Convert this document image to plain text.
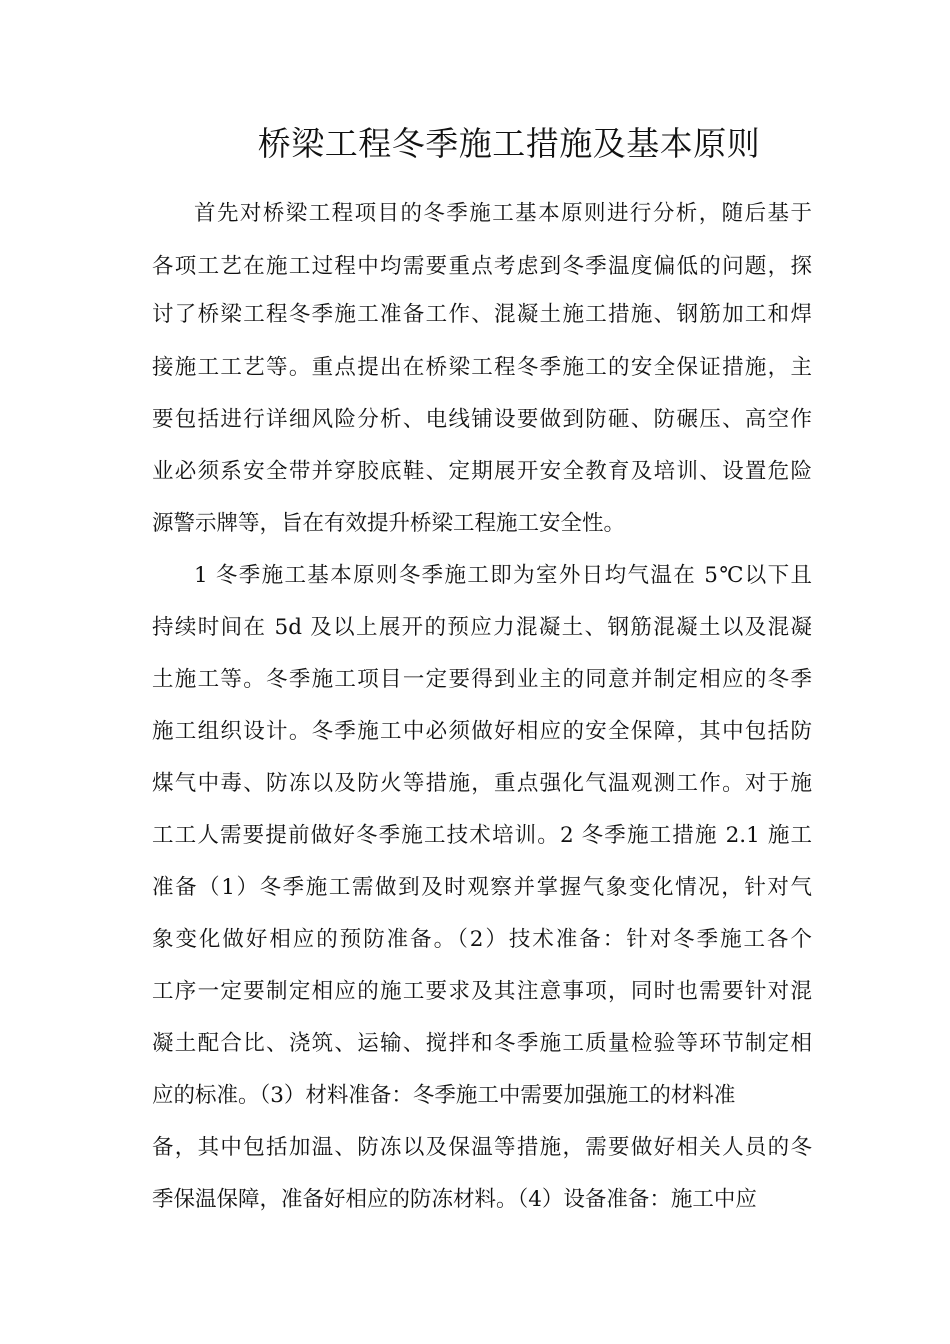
桥梁工程冬季施工措施及基本原则

首先对桥梁工程项目的冬季施工基本原则进行分析，随后基于

各项工艺在施工过程中均需要重点考虑到冬季温度偏低的问题，探

讨了桥梁工程冬季施工准备工作、混凝土施工措施、钢筋加工和焊

接施工工艺等。重点提出在桥梁工程冬季施工的安全保证措施，主

要包括进行详细风险分析、电线铺设要做到防砸、防碾压、高空作

业必须系安全带并穿胶底鞋、定期展开安全教育及培训、设置危险

源警示牌等，旨在有效提升桥梁工程施工安全性。

1 冬季施工基本原则冬季施工即为室外日均气温在 5℃以下且

持续时间在 5d 及以上展开的预应力混凝土、钢筋混凝土以及混凝

土施工等。冬季施工项目一定要得到业主的同意并制定相应的冬季

施工组织设计。冬季施工中必须做好相应的安全保障，其中包括防

煤气中毒、防冻以及防火等措施，重点强化气温观测工作。对于施

工工人需要提前做好冬季施工技术培训。2 冬季施工措施 2.1 施工

准备（1）冬季施工需做到及时观察并掌握气象变化情况，针对气

象变化做好相应的预防准备。（2）技术准备：针对冬季施工各个

工序一定要制定相应的施工要求及其注意事项，同时也需要针对混

凝土配合比、浇筑、运输、搅拌和冬季施工质量检验等环节制定相

应的标准。（3）材料准备：冬季施工中需要加强施工的材料准

备，其中包括加温、防冻以及保温等措施，需要做好相关人员的冬

季保温保障，准备好相应的防冻材料。（4）设备准备：施工中应
